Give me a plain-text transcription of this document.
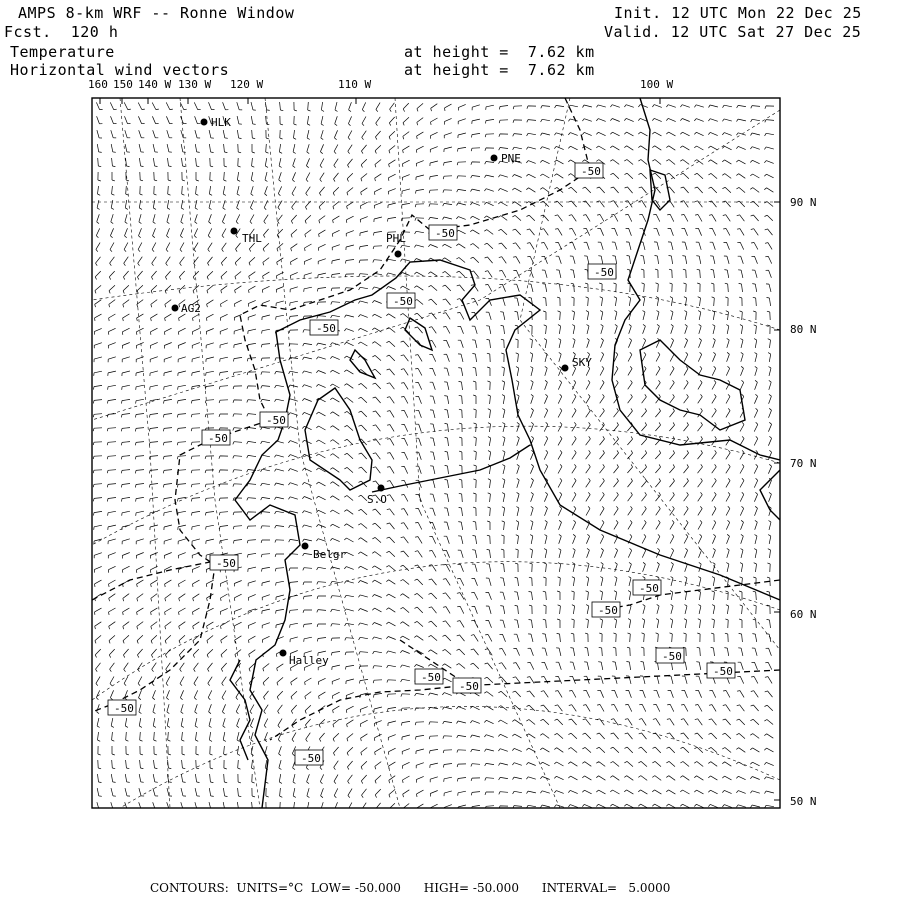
AMPS 8-km WRF -- Ronne Window
Fcst.  120 h
Init. 12 UTC Mon 22 Dec 25
Valid. 12 UTC Sat 27 Dec 25
Temperature
Horizontal wind vectors
at height =  7.62 km
at height =  7.62 km
160 150 140 W 130 W 120 W	110 W	100 W
90 N
80 N
70 N
60 N
50 N
HLK
PNE
THL	PHL
AG2
SKY
S.O
Belgr
Halley
-50
-50
-50
-50
-50
-50
-50
-50
-50
-50
-50
-50
-50
-50
-50
-50
CONTOURS:  UNITS=°C  LOW= -50.000      HIGH= -50.000      INTERVAL=   5.0000
